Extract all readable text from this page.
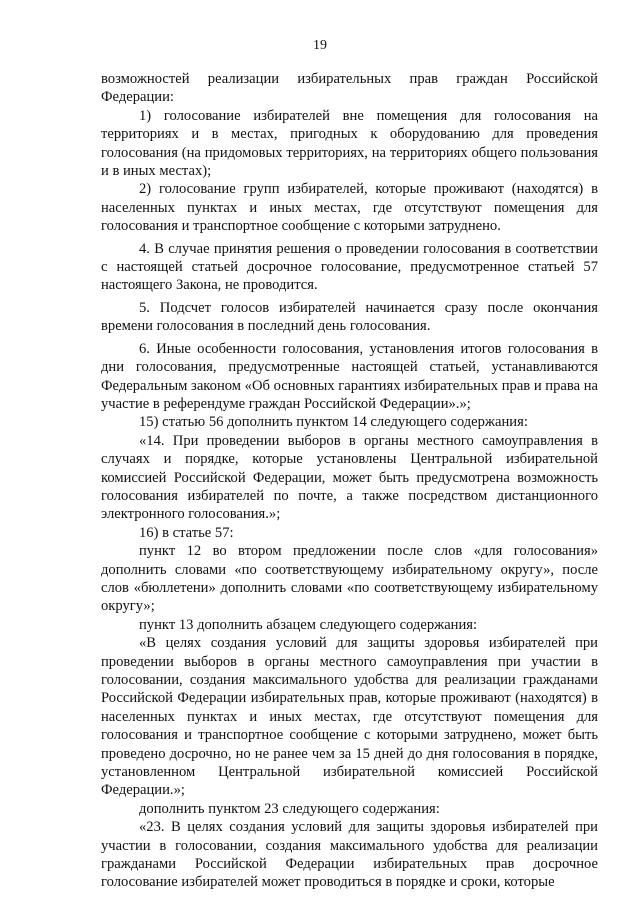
19

возможностей реализации избирательных прав граждан Российской Федерации:

1) голосование избирателей вне помещения для голосования на территориях и в местах, пригодных к оборудованию для проведения голосования (на придомовых территориях, на территориях общего пользования и в иных местах);

2) голосование групп избирателей, которые проживают (находятся) в населенных пунктах и иных местах, где отсутствуют помещения для голосования и транспортное сообщение с которыми затруднено.

4. В случае принятия решения о проведении голосования в соответствии с настоящей статьей досрочное голосование, предусмотренное статьей 57 настоящего Закона, не проводится.

5. Подсчет голосов избирателей начинается сразу после окончания времени голосования в последний день голосования.

6. Иные особенности голосования, установления итогов голосования в дни голосования, предусмотренные настоящей статьей, устанавливаются Федеральным законом «Об основных гарантиях избирательных прав и права на участие в референдуме граждан Российской Федерации».»;

15) статью 56 дополнить пунктом 14 следующего содержания:

«14. При проведении выборов в органы местного самоуправления в случаях и порядке, которые установлены Центральной избирательной комиссией Российской Федерации, может быть предусмотрена возможность голосования избирателей по почте, а также посредством дистанционного электронного голосования.»;

16) в статье 57:

пункт 12 во втором предложении после слов «для голосования» дополнить словами «по соответствующему избирательному округу», после слов «бюллетени» дополнить словами «по соответствующему избирательному округу»;

пункт 13 дополнить абзацем следующего содержания:

«В целях создания условий для защиты здоровья избирателей при проведении выборов в органы местного самоуправления при участии в голосовании, создания максимального удобства для реализации гражданами Российской Федерации избирательных прав, которые проживают (находятся) в населенных пунктах и иных местах, где отсутствуют помещения для голосования и транспортное сообщение с которыми затруднено, может быть проведено досрочно, но не ранее чем за 15 дней до дня голосования в порядке, установленном Центральной избирательной комиссией Российской Федерации.»;

дополнить пунктом 23 следующего содержания:

«23. В целях создания условий для защиты здоровья избирателей при участии в голосовании, создания максимального удобства для реализации гражданами Российской Федерации избирательных прав досрочное голосование избирателей может проводиться в порядке и сроки, которые
